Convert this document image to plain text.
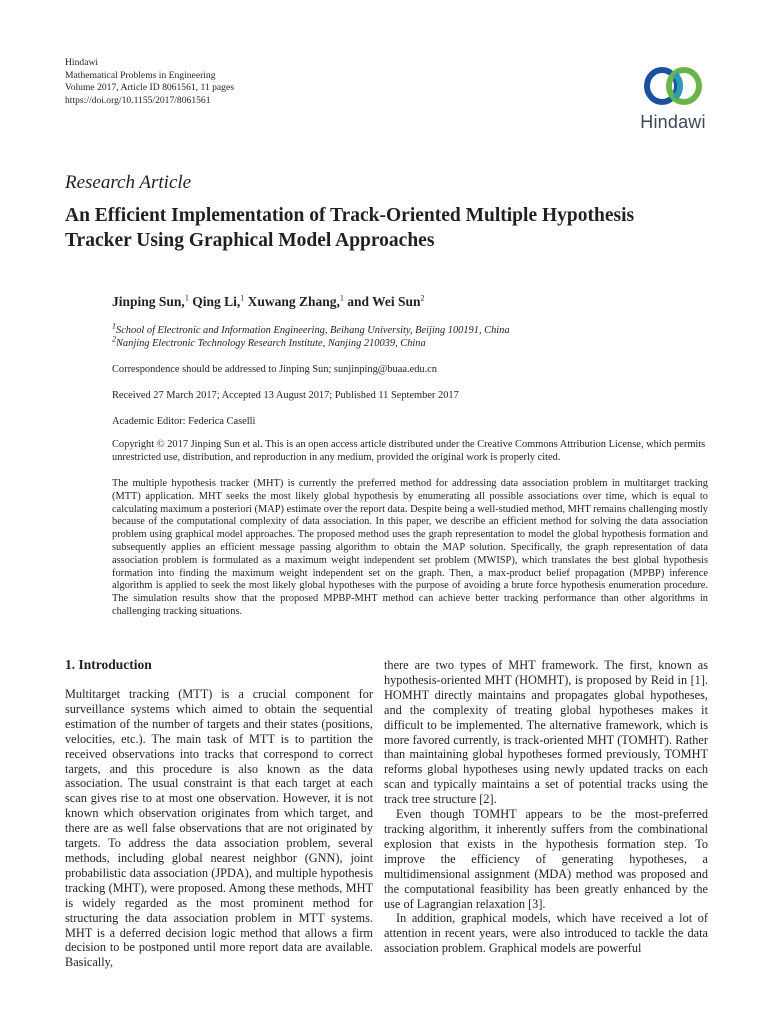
Hindawi
Mathematical Problems in Engineering
Volume 2017, Article ID 8061561, 11 pages
https://doi.org/10.1155/2017/8061561
Hindawi
Research Article
An Efficient Implementation of Track-Oriented Multiple Hypothesis Tracker Using Graphical Model Approaches
Jinping Sun,$^1$ Qing Li,$^1$ Xuwang Zhang,$^1$ and Wei Sun$^2$
$^1$School of Electronic and Information Engineering, Beihang University, Beijing 100191, China
$^2$Nanjing Electronic Technology Research Institute, Nanjing 210039, China
Correspondence should be addressed to Jinping Sun; sunjinping@buaa.edu.cn
Received 27 March 2017; Accepted 13 August 2017; Published 11 September 2017
Academic Editor: Federica Caselli
Copyright © 2017 Jinping Sun et al. This is an open access article distributed under the Creative Commons Attribution License, which permits unrestricted use, distribution, and reproduction in any medium, provided the original work is properly cited.
The multiple hypothesis tracker (MHT) is currently the preferred method for addressing data association problem in multitarget tracking (MTT) application. MHT seeks the most likely global hypothesis by enumerating all possible associations over time, which is equal to calculating maximum a posteriori (MAP) estimate over the report data. Despite being a well-studied method, MHT remains challenging mostly because of the computational complexity of data association. In this paper, we describe an efficient method for solving the data association problem using graphical model approaches. The proposed method uses the graph representation to model the global hypothesis formation and subsequently applies an efficient message passing algorithm to obtain the MAP solution. Specifically, the graph representation of data association problem is formulated as a maximum weight independent set problem (MWISP), which translates the best global hypothesis formation into finding the maximum weight independent set on the graph. Then, a max-product belief propagation (MPBP) inference algorithm is applied to seek the most likely global hypotheses with the purpose of avoiding a brute force hypothesis enumeration procedure. The simulation results show that the proposed MPBP-MHT method can achieve better tracking performance than other algorithms in challenging tracking situations.
1. Introduction

Multitarget tracking (MTT) is a crucial component for surveillance systems which aimed to obtain the sequential estimation of the number of targets and their states (positions, velocities, etc.). The main task of MTT is to partition the received observations into tracks that correspond to correct targets, and this procedure is also known as the data association. The usual constraint is that each target at each scan gives rise to at most one observation. However, it is not known which observation originates from which target, and there are as well false observations that are not originated by targets. To address the data association problem, several methods, including global nearest neighbor (GNN), joint probabilistic data association (JPDA), and multiple hypothesis tracking (MHT), were proposed. Among these methods, MHT is widely regarded as the most prominent method for structuring the data association problem in MTT systems. MHT is a deferred decision logic method that allows a firm decision to be postponed until more report data are available. Basically,

there are two types of MHT framework. The first, known as hypothesis-oriented MHT (HOMHT), is proposed by Reid in [1]. HOMHT directly maintains and propagates global hypotheses, and the complexity of treating global hypotheses makes it difficult to be implemented. The alternative framework, which is more favored currently, is track-oriented MHT (TOMHT). Rather than maintaining global hypotheses formed previously, TOMHT reforms global hypotheses using newly updated tracks on each scan and typically maintains a set of potential tracks using the track tree structure [2].

Even though TOMHT appears to be the most-preferred tracking algorithm, it inherently suffers from the combinational explosion that exists in the hypothesis formation step. To improve the efficiency of generating hypotheses, a multidimensional assignment (MDA) method was proposed and the computational feasibility has been greatly enhanced by the use of Lagrangian relaxation [3].

In addition, graphical models, which have received a lot of attention in recent years, were also introduced to tackle the data association problem. Graphical models are powerful
